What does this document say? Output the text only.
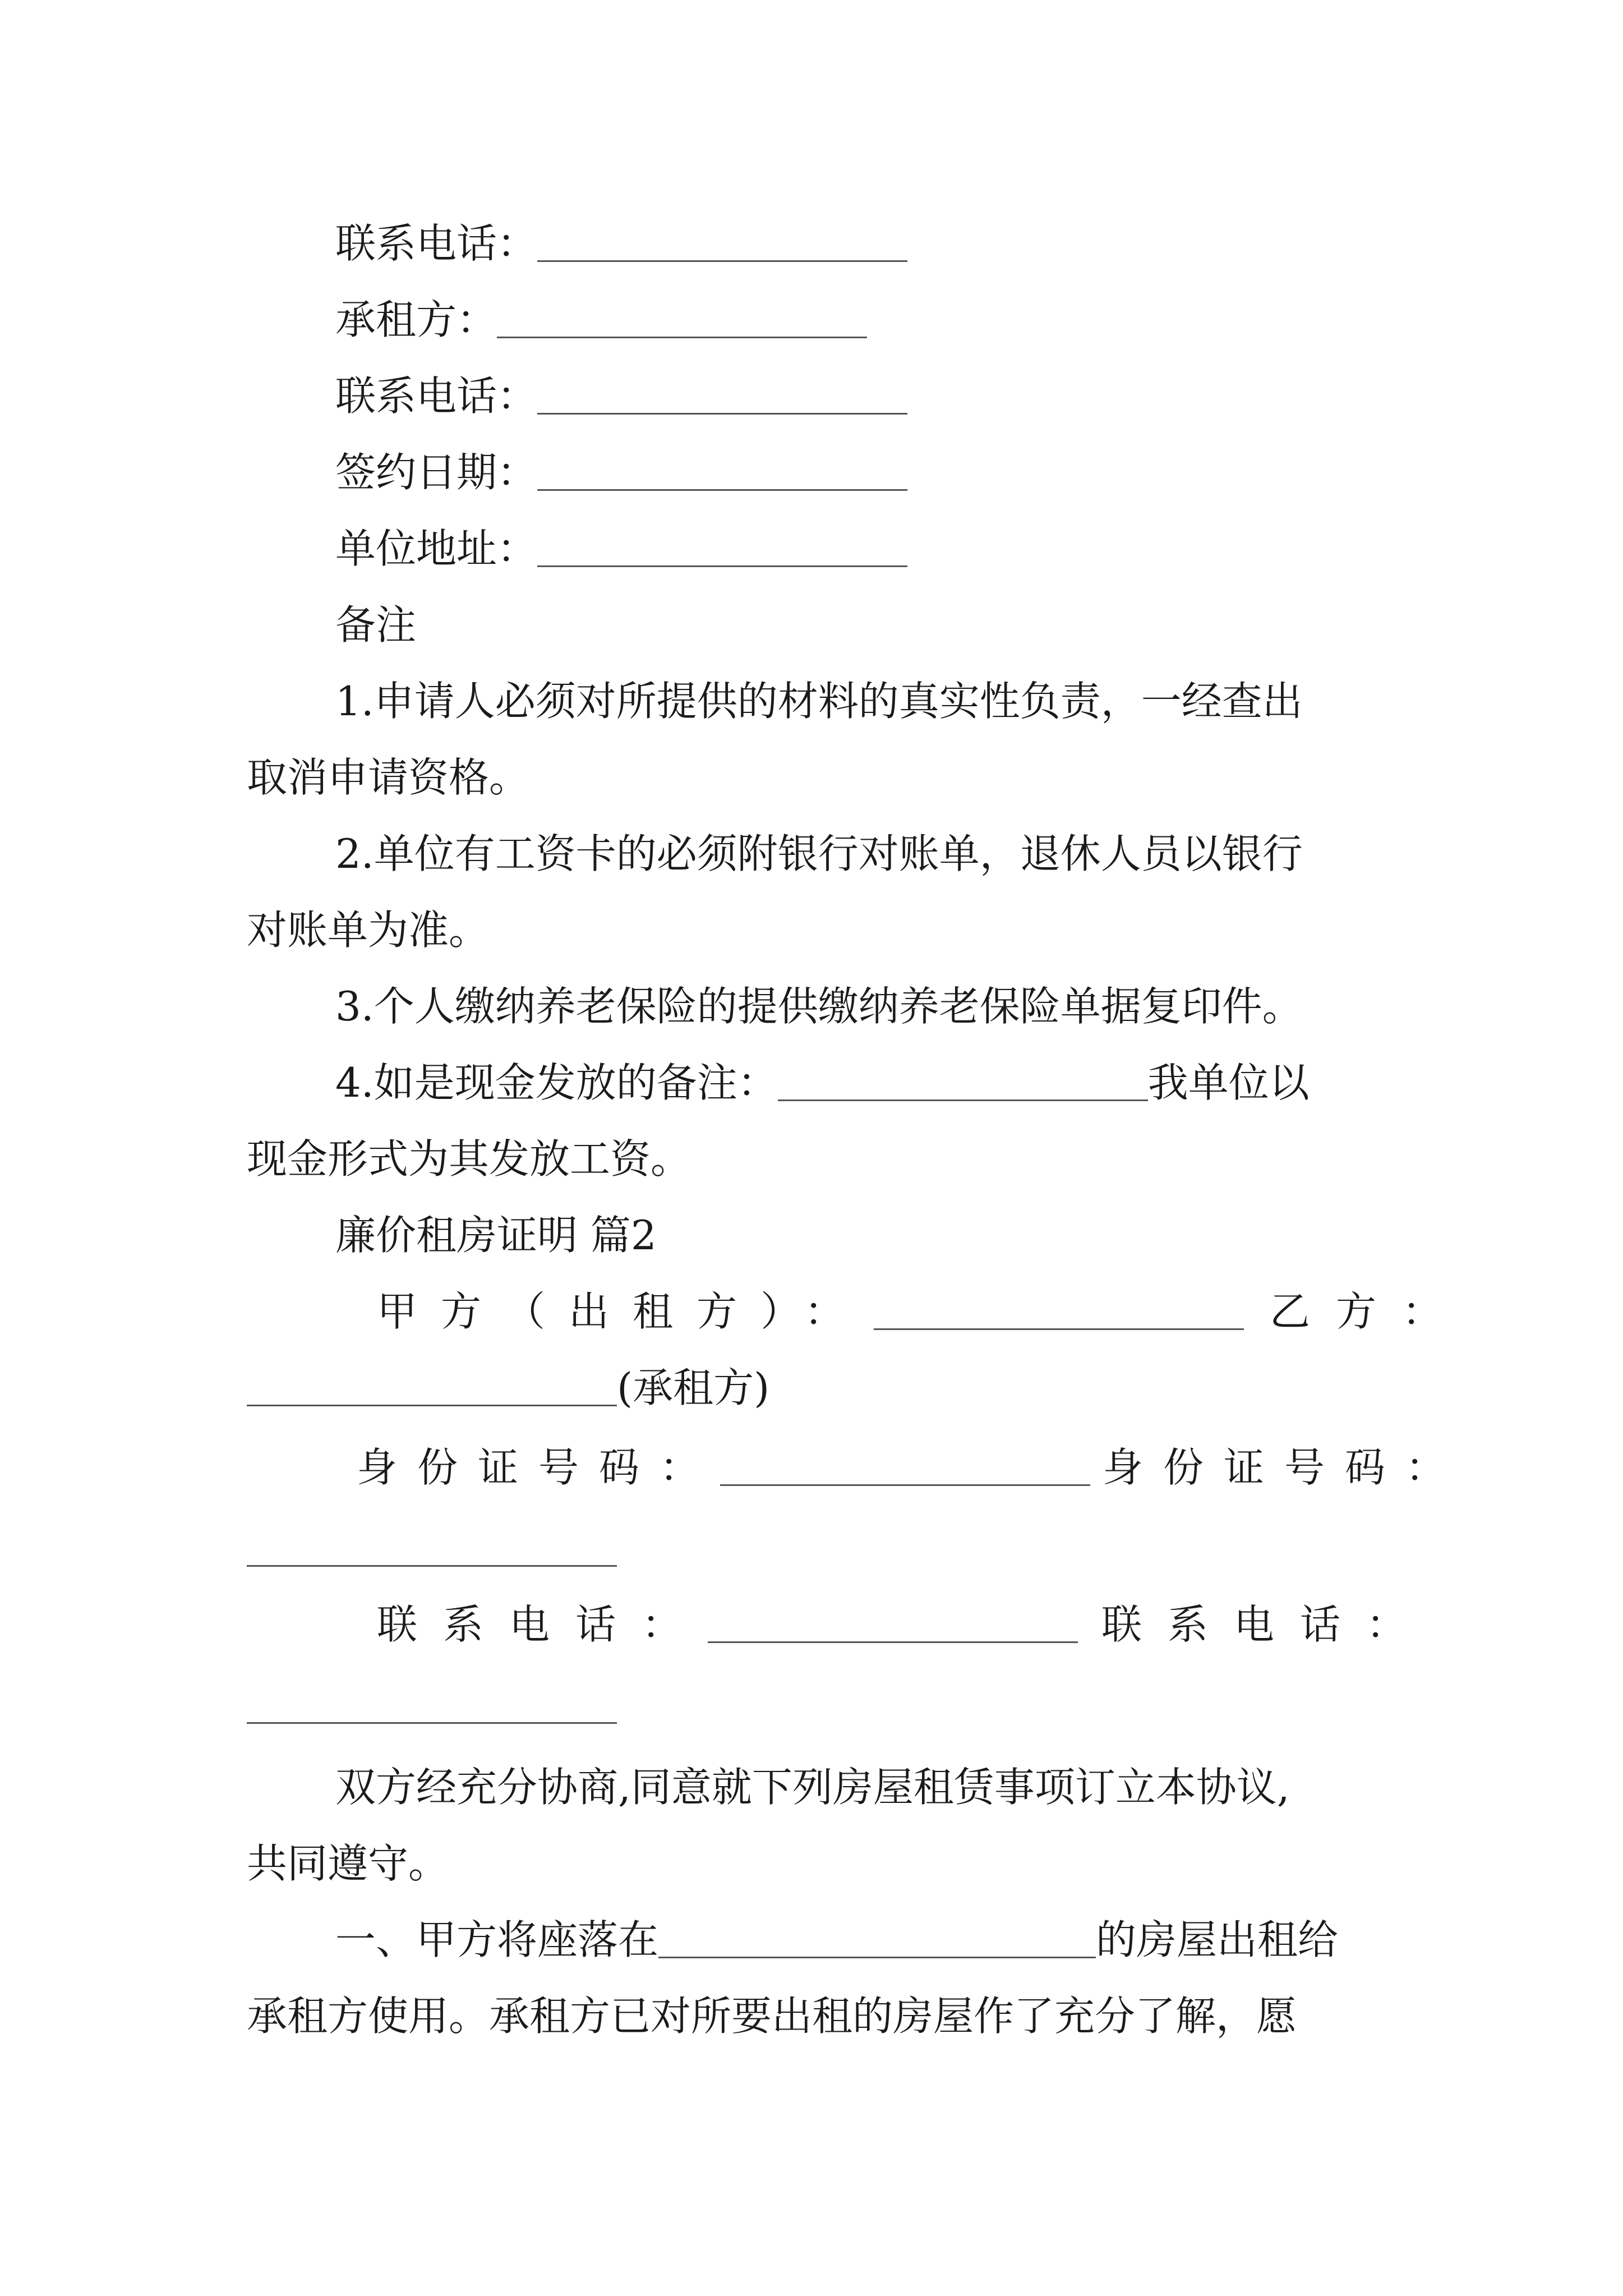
联系电话：
承租方：
联系电话：
签约日期：
单位地址：
备注
1.申请人必须对所提供的材料的真实性负责，一经查出
取消申请资格。
2.单位有工资卡的必须附银行对账单，退休人员以银行
对账单为准。
3.个人缴纳养老保险的提供缴纳养老保险单据复印件。
4.如是现金发放的备注：	我单位以
现金形式为其发放工资。
廉价租房证明 篇2
甲方（出租方）：	乙方：
(承租方)
身份证号码：	身份证号码：
联系电话：	联系电话：
双方经充分协商,同意就下列房屋租赁事项订立本协议,
共同遵守。
一、甲方将座落在	的房屋出租给
承租方使用。承租方已对所要出租的房屋作了充分了解，愿
